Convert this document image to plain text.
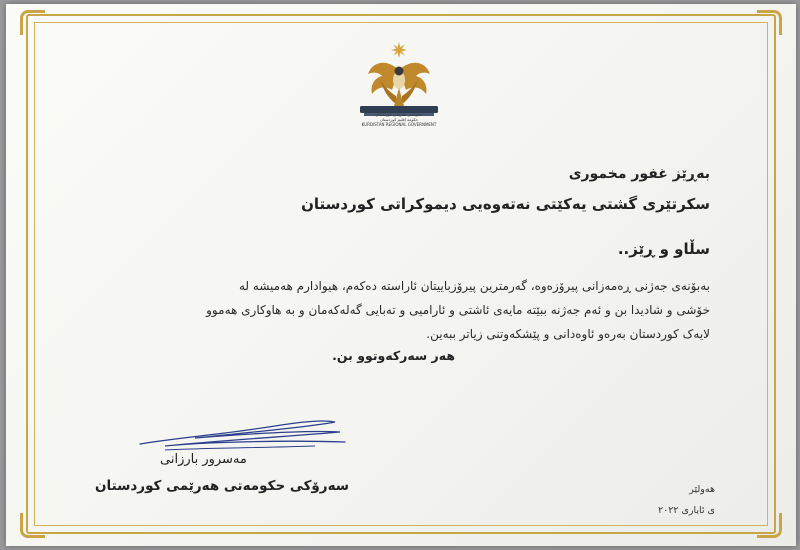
حکومەتی هەرێمی کوردستان
حكومة إقليم كوردستان
KURDISTAN REGIONAL GOVERNMENT
بەڕێز غفور مخموری
سکرتێری گشتی یەکێتی نەتەوەیی دیموکراتی کوردستان
سڵاو و ڕێز..

بەبۆنەی جەژنی ڕەمەزانی پیرۆزەوە، گەرمترین پیرۆزباییتان ئاراستە دەکەم، هیوادارم هەمیشە لە

خۆشی و شادیدا بن و ئەم جەژنە ببێتە مایەی ئاشتی و ئارامیی و تەبایی گەلەکەمان و بە هاوکاری هەموو

لایەک کوردستان بەرەو ئاوەدانی و پێشکەوتنی زیاتر ببەین.

هەر سەرکەوتوو بن.
مەسرور بارزانی
سەرۆکی حکومەتی هەرێمی کوردستان	هەولێر
ی ئایاری ٢٠٢٢
